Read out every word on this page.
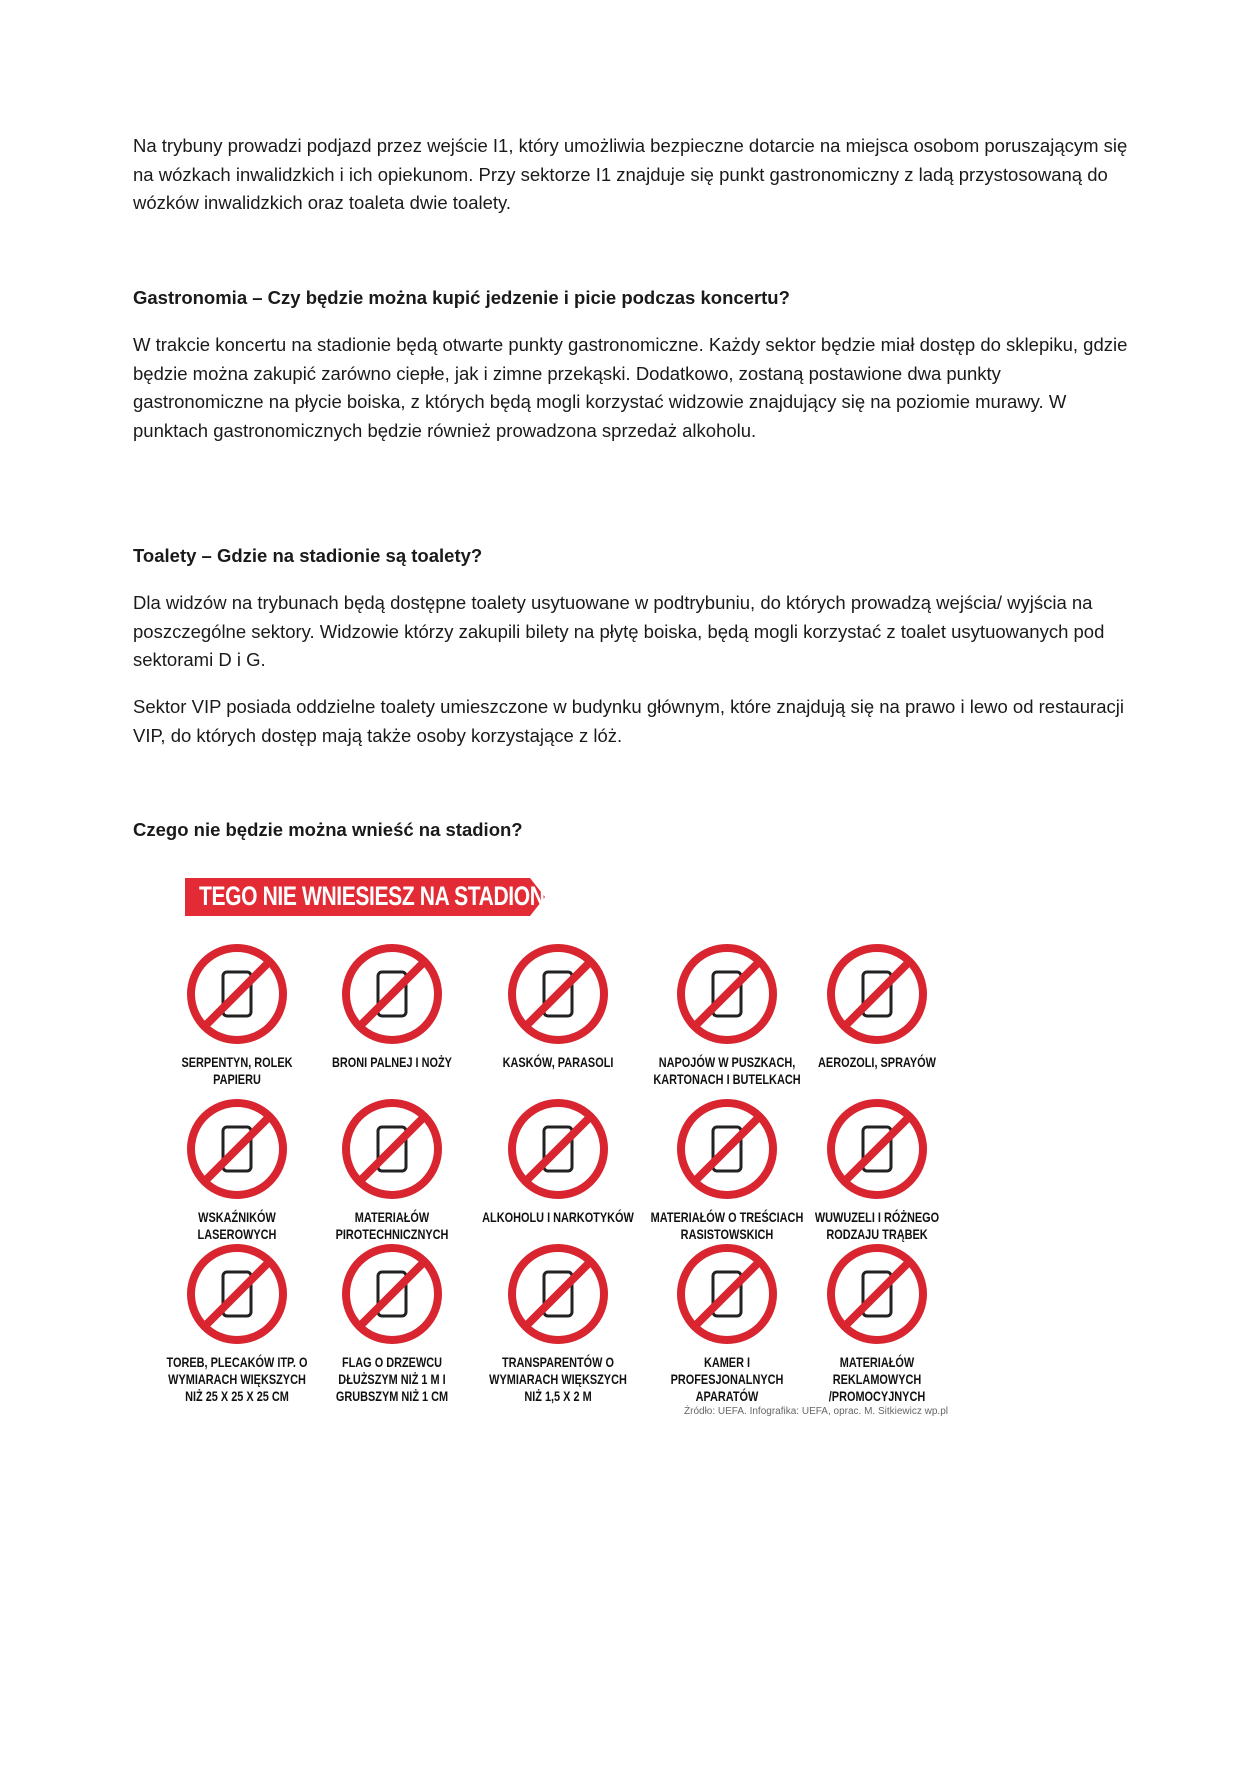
Na trybuny prowadzi podjazd przez wejście I1, który umożliwia bezpieczne dotarcie na miejsca osobom poruszającym się na wózkach inwalidzkich i ich opiekunom. Przy sektorze I1 znajduje się punkt gastronomiczny z ladą przystosowaną do wózków inwalidzkich oraz toaleta dwie toalety.

Gastronomia – Czy będzie można kupić jedzenie i picie podczas koncertu?

W trakcie koncertu na stadionie będą otwarte punkty gastronomiczne. Każdy sektor będzie miał dostęp do sklepiku, gdzie będzie można zakupić zarówno ciepłe, jak i zimne przekąski. Dodatkowo, zostaną postawione dwa punkty gastronomiczne na płycie boiska, z których będą mogli korzystać widzowie znajdujący się na poziomie murawy. W punktach gastronomicznych będzie również prowadzona sprzedaż alkoholu.

Toalety – Gdzie na stadionie są toalety?

Dla widzów na trybunach będą dostępne toalety usytuowane w podtrybuniu, do których prowadzą wejścia/ wyjścia na poszczególne sektory. Widzowie którzy zakupili bilety na płytę boiska, będą mogli korzystać z toalet usytuowanych pod sektorami D i G.

Sektor VIP posiada oddzielne toalety umieszczone w budynku głównym, które znajdują się na prawo i lewo od restauracji VIP, do których dostęp mają także osoby korzystające z lóż.

Czego nie będzie można wnieść na stadion?

TEGO NIE WNIESIESZ NA STADION
SERPENTYN, ROLEK PAPIERU
BRONI PALNEJ I NOŻY	KASKÓW, PARASOLI	NAPOJÓW W PUSZKACH, KARTONACH I BUTELKACH
AEROZOLI, SPRAYÓW
WSKAŹNIKÓW LASEROWYCH
MATERIAŁÓW PIROTECHNICZNYCH
ALKOHOLU I NARKOTYKÓW MATERIAŁÓW O TREŚCIACH RASISTOWSKICH
WUWUZELI I RÓŻNEGO RODZAJU TRĄBEK
TOREB, PLECAKÓW ITP. O WYMIARACH WIĘKSZYCH NIŻ 25 X 25 X 25 CM
FLAG O DRZEWCU DŁUŻSZYM NIŻ 1 M I GRUBSZYM NIŻ 1 CM
TRANSPARENTÓW O WYMIARACH WIĘKSZYCH NIŻ 1,5 X 2 M
KAMER I PROFESJONALNYCH APARATÓW
MATERIAŁÓW REKLAMOWYCH /PROMOCYJNYCH
Źródło: UEFA. Infografika: UEFA, oprac. M. Sitkiewicz wp.pl
